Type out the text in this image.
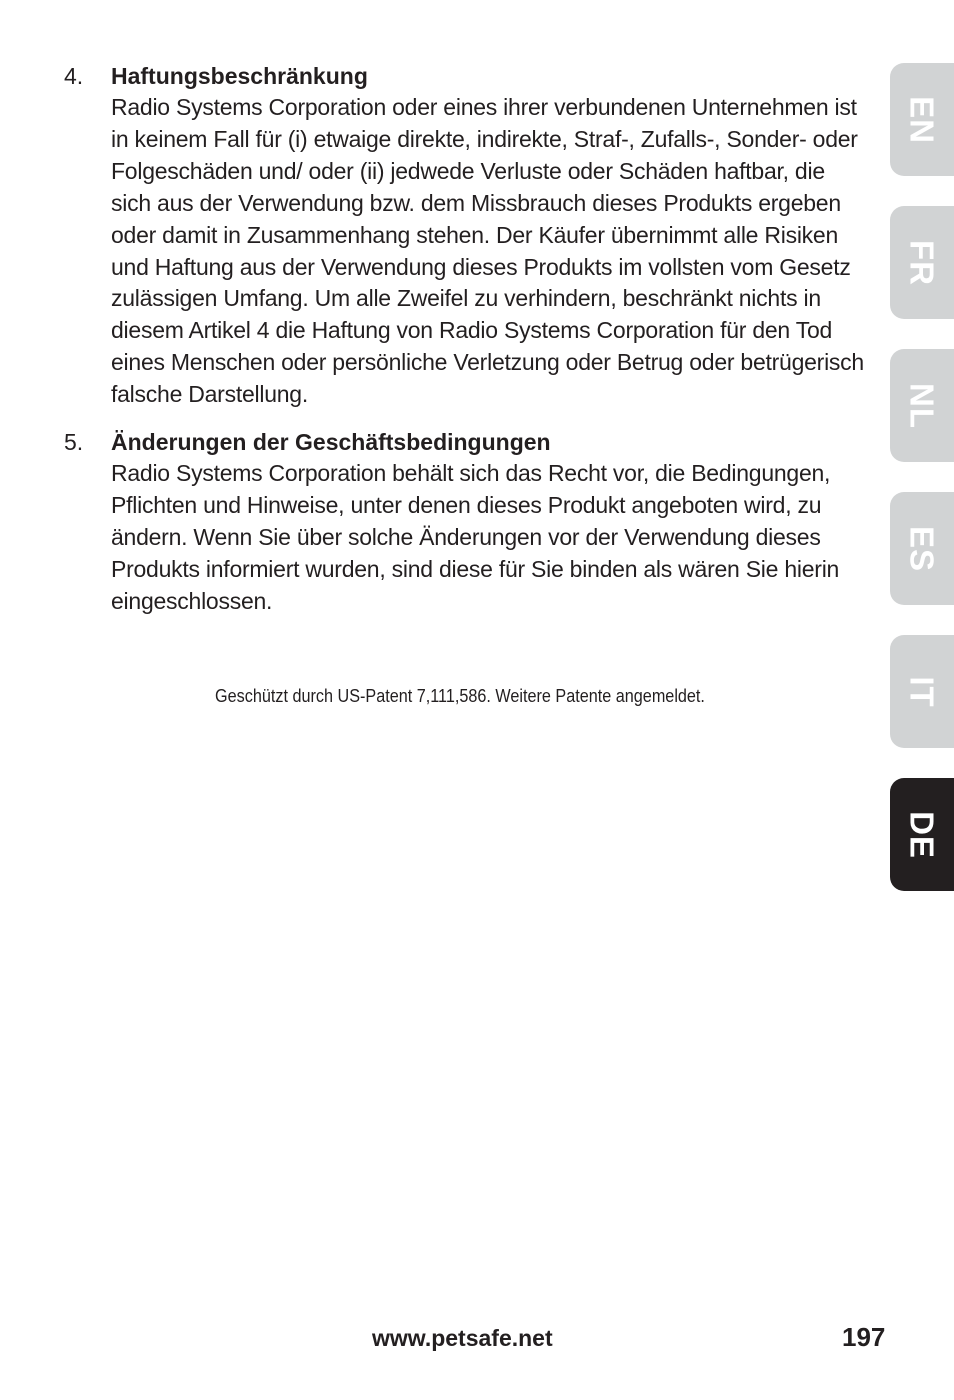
4. Haftungsbeschränkung
Radio Systems Corporation oder eines ihrer verbundenen Unternehmen ist in keinem Fall für (i) etwaige direkte, indirekte, Straf-, Zufalls-, Sonder- oder Folgeschäden und/ oder (ii) jedwede Verluste oder Schäden haftbar, die sich aus der Verwendung bzw. dem Missbrauch dieses Produkts ergeben oder damit in Zusammenhang stehen. Der Käufer übernimmt alle Risiken und Haftung aus der Verwendung dieses Produkts im vollsten vom Gesetz zulässigen Umfang. Um alle Zweifel zu verhindern, beschränkt nichts in diesem Artikel 4 die Haftung von Radio Systems Corporation für den Tod eines Menschen oder persönliche Verletzung oder Betrug oder betrügerisch falsche Darstellung.
5. Änderungen der Geschäftsbedingungen
Radio Systems Corporation behält sich das Recht vor, die Bedingungen, Pflichten und Hinweise, unter denen dieses Produkt angeboten wird, zu ändern. Wenn Sie über solche Änderungen vor der Verwendung dieses Produkts informiert wurden, sind diese für Sie binden als wären Sie hierin eingeschlossen.
Geschützt durch US-Patent 7,111,586. Weitere Patente angemeldet.
EN
FR
NL
ES
IT
DE
www.petsafe.net	197
